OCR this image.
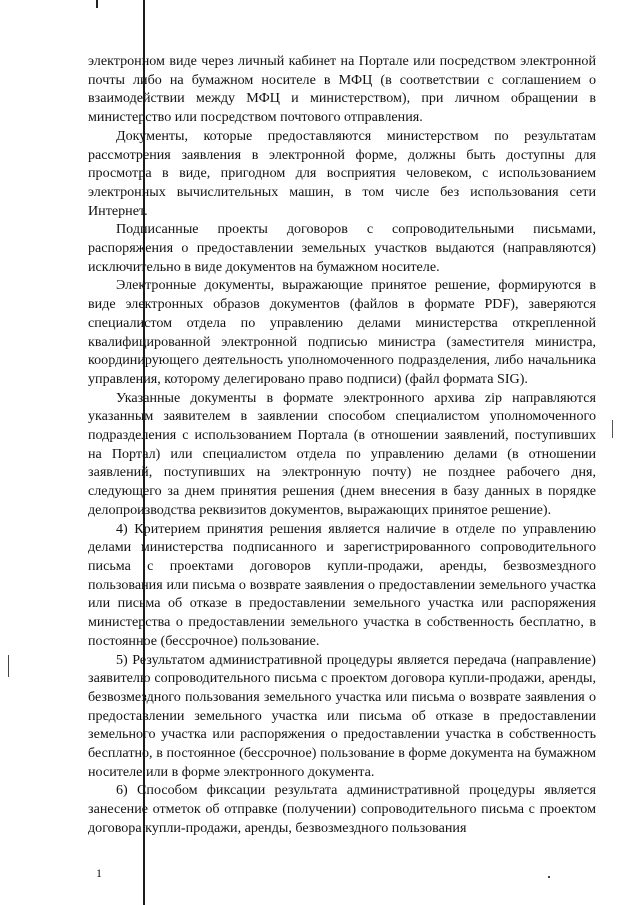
электронном виде через личный кабинет на Портале или посредством электронной почты либо на бумажном носителе в МФЦ (в соответствии с соглашением о взаимодействии между МФЦ и министерством), при личном обращении в министерство или посредством почтового отправления.

Документы, которые предоставляются министерством по результатам рассмотрения заявления в электронной форме, должны быть доступны для просмотра в виде, пригодном для восприятия человеком, с использованием электронных вычислительных машин, в том числе без использования сети Интернет.

Подписанные проекты договоров с сопроводительными письмами, распоряжения о предоставлении земельных участков выдаются (направляются) исключительно в виде документов на бумажном носителе.

Электронные документы, выражающие принятое решение, формируются в виде электронных образов документов (файлов в формате PDF), заверяются специалистом отдела по управлению делами министерства открепленной квалифицированной электронной подписью министра (заместителя министра, координирующего деятельность уполномоченного подразделения, либо начальника управления, которому делегировано право подписи) (файл формата SIG).

Указанные документы в формате электронного архива zip направляются указанным заявителем в заявлении способом специалистом уполномоченного подразделения с использованием Портала (в отношении заявлений, поступивших на Портал) или специалистом отдела по управлению делами (в отношении заявлений, поступивших на электронную почту) не позднее рабочего дня, следующего за днем принятия решения (днем внесения в базу данных в порядке делопроизводства реквизитов документов, выражающих принятое решение).

4) Критерием принятия решения является наличие в отделе по управлению делами министерства подписанного и зарегистрированного сопроводительного письма с проектами договоров купли-продажи, аренды, безвозмездного пользования или письма о возврате заявления о предоставлении земельного участка или письма об отказе в предоставлении земельного участка или распоряжения министерства о предоставлении земельного участка в собственность бесплатно, в постоянное (бессрочное) пользование.

5) Результатом административной процедуры является передача (направление) заявителю сопроводительного письма с проектом договора купли-продажи, аренды, безвозмездного пользования земельного участка или письма о возврате заявления о предоставлении земельного участка или письма об отказе в предоставлении земельного участка или распоряжения о предоставлении участка в собственность бесплатно, в постоянное (бессрочное) пользование в форме документа на бумажном носителе или в форме электронного документа.

6) Способом фиксации результата административной процедуры является занесение отметок об отправке (получении) сопроводительного письма с проектом договора купли-продажи, аренды, безвозмездного пользования

1
